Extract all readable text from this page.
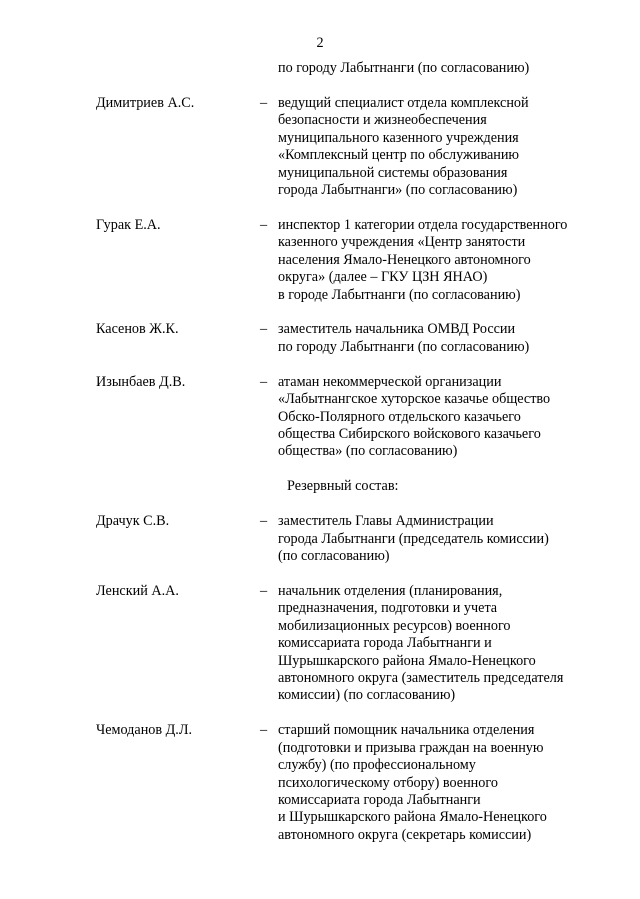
2
по городу Лабытнанги (по согласованию)
Димитриев А.С.	– ведущий специалист отдела комплексной
безопасности и жизнеобеспечения
муниципального казенного учреждения
«Комплексный центр по обслуживанию
муниципальной системы образования
города Лабытнанги» (по согласованию)
Гурак Е.А.	– инспектор 1 категории отдела государственного
казенного учреждения «Центр занятости
населения Ямало-Ненецкого автономного
округа» (далее – ГКУ ЦЗН ЯНАО)
в городе Лабытнанги (по согласованию)
Касенов Ж.К.	– заместитель начальника ОМВД России
по городу Лабытнанги (по согласованию)
Изынбаев Д.В.	– атаман некоммерческой организации
«Лабытнангское хуторское казачье общество
Обско-Полярного отдельского казачьего
общества Сибирского войскового казачьего
общества» (по согласованию)
Резервный состав:
Драчук С.В.	– заместитель Главы Администрации
города Лабытнанги (председатель комиссии)
(по согласованию)
Ленский А.А.	– начальник отделения (планирования,
предназначения, подготовки и учета
мобилизационных ресурсов) военного
комиссариата города Лабытнанги и
Шурышкарского района Ямало-Ненецкого
автономного округа (заместитель председателя
комиссии) (по согласованию)
Чемоданов Д.Л.	– старший помощник начальника отделения
(подготовки и призыва граждан на военную
службу) (по профессиональному
психологическому отбору) военного
комиссариата города Лабытнанги
и Шурышкарского района Ямало-Ненецкого
автономного округа (секретарь комиссии)
